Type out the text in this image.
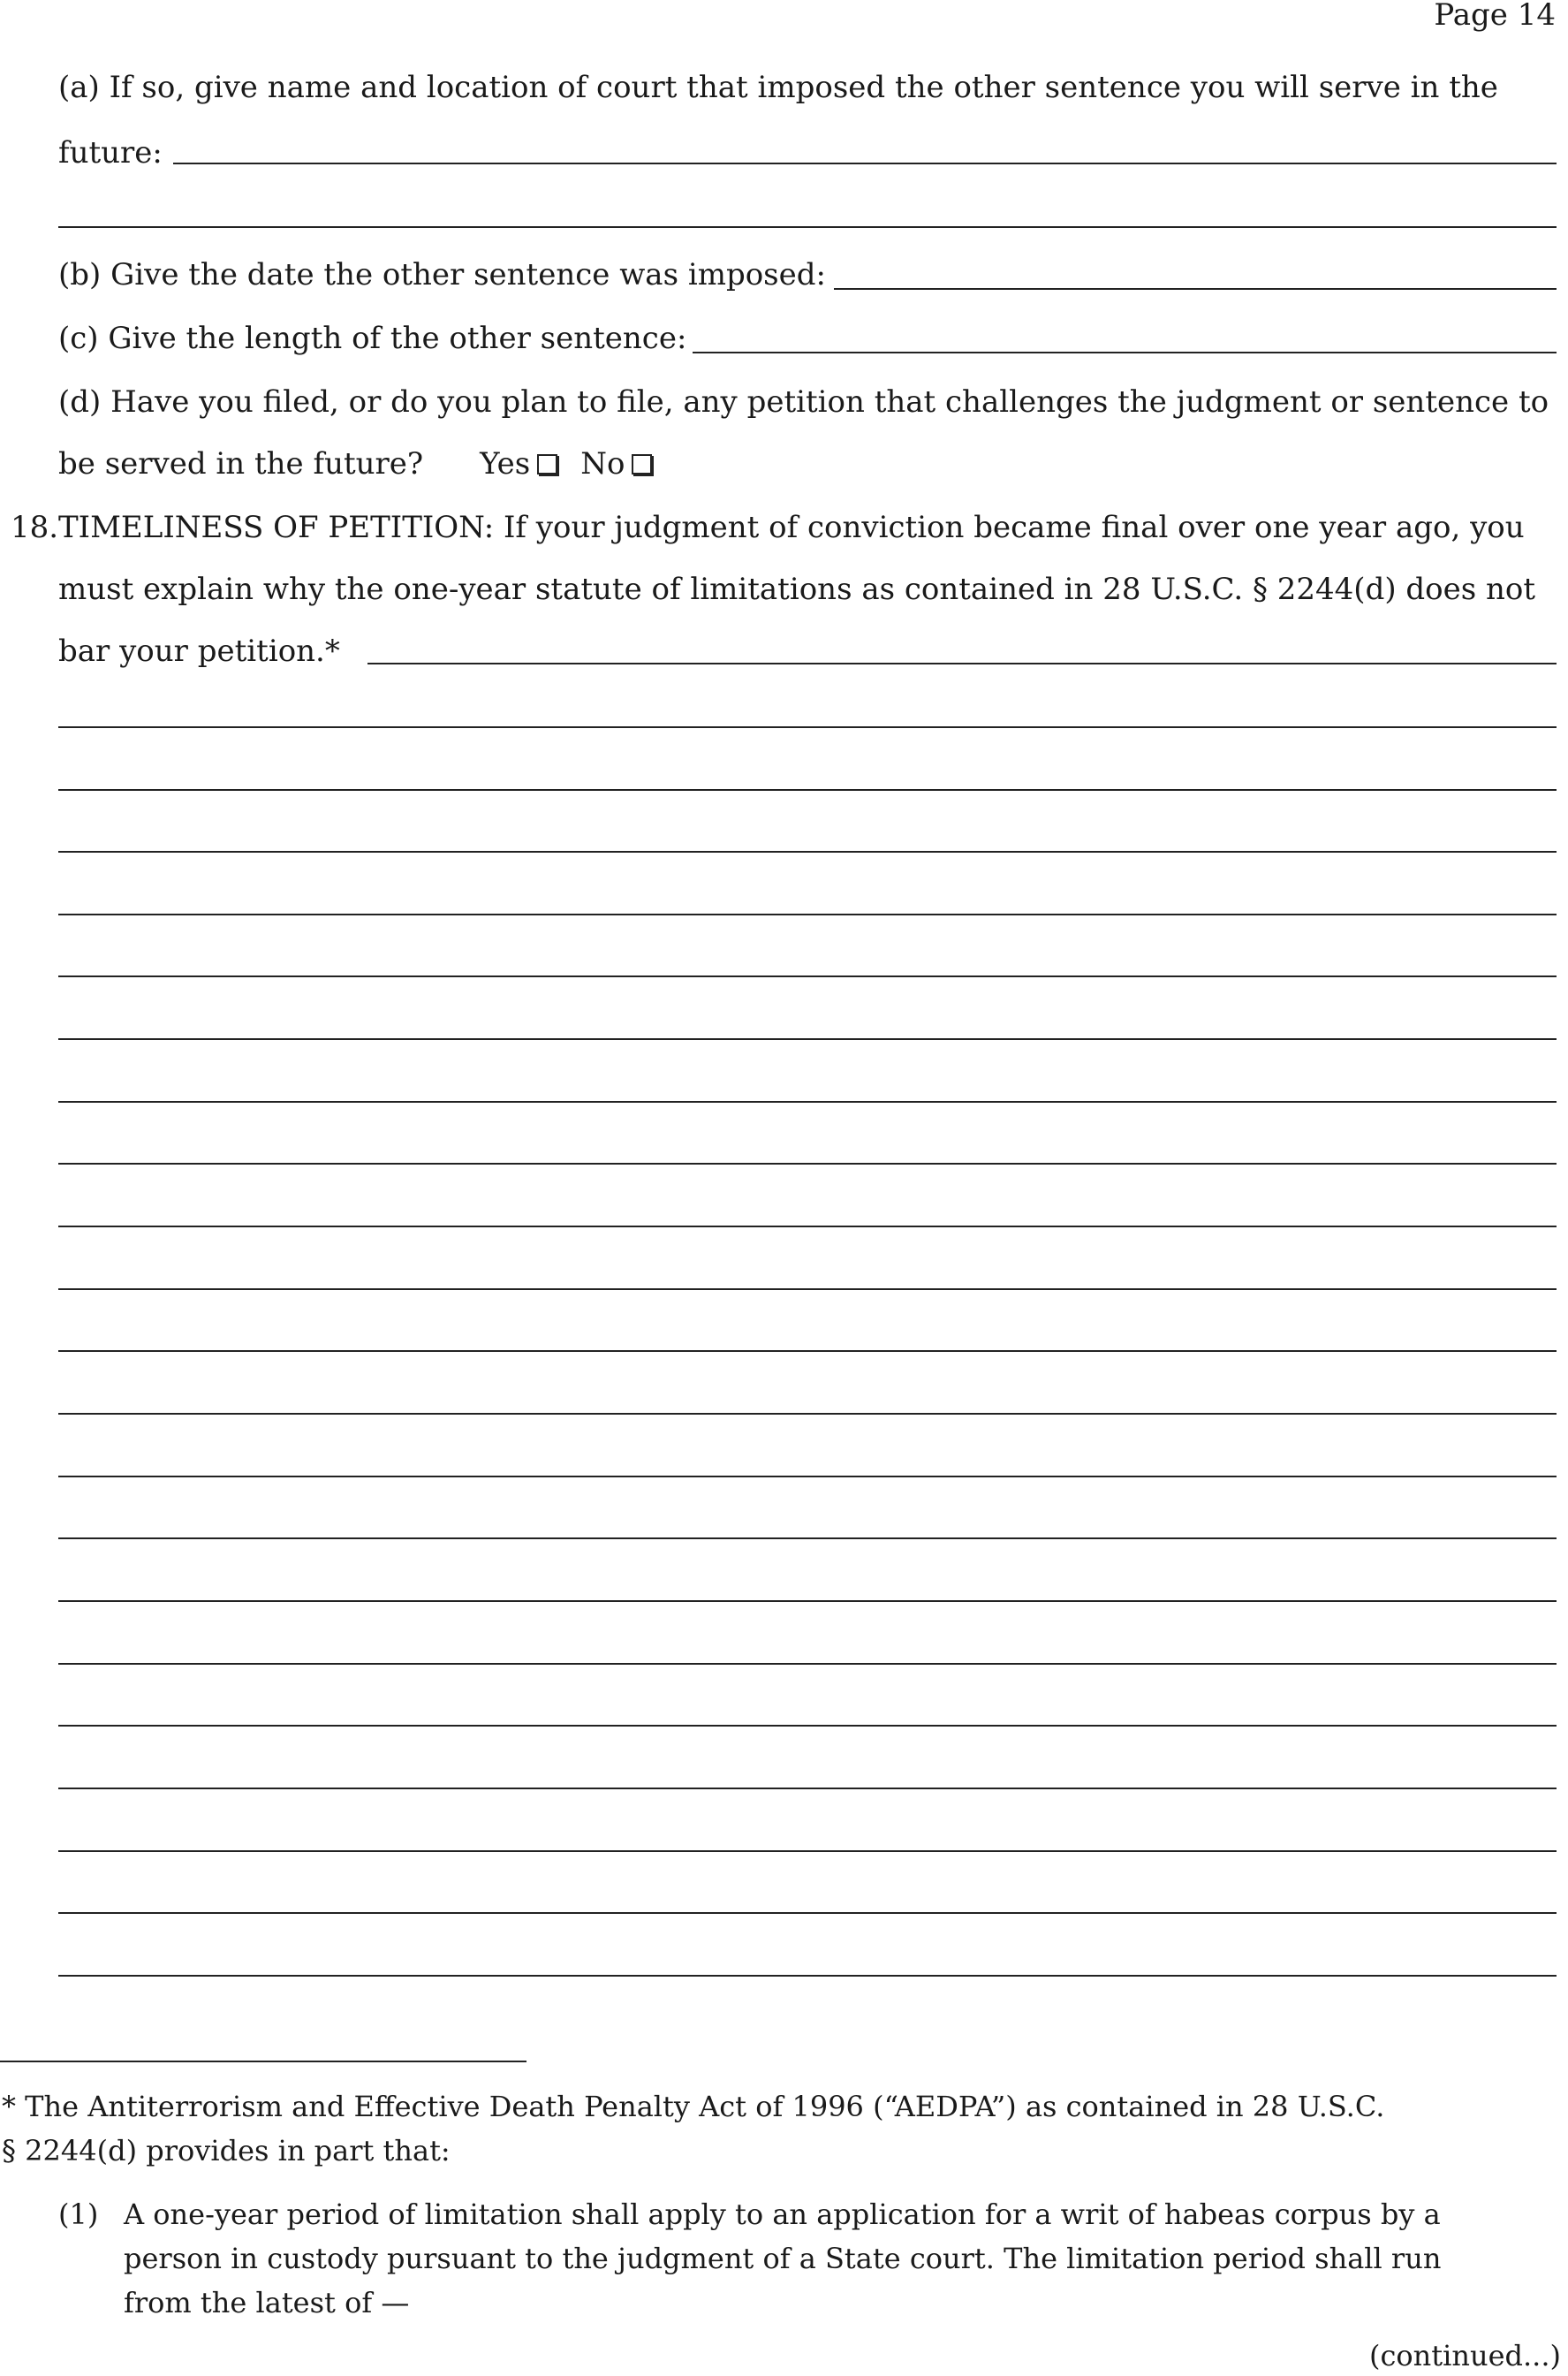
Page 14
(a) If so, give name and location of court that imposed the other sentence you will serve in the
future:
(b) Give the date the other sentence was imposed:
(c) Give the length of the other sentence:
(d) Have you filed, or do you plan to file, any petition that challenges the judgment or sentence to
be served in the future? Yes No
18. TIMELINESS OF PETITION: If your judgment of conviction became final over one year ago, you
must explain why the one-year statute of limitations as contained in 28 U.S.C. § 2244(d) does not
bar your petition.*
* The Antiterrorism and Effective Death Penalty Act of 1996 (“AEDPA”) as contained in 28 U.S.C.
§ 2244(d) provides in part that:
(1) A one-year period of limitation shall apply to an application for a writ of habeas corpus by a
person in custody pursuant to the judgment of a State court. The limitation period shall run
from the latest of —
(continued...)
